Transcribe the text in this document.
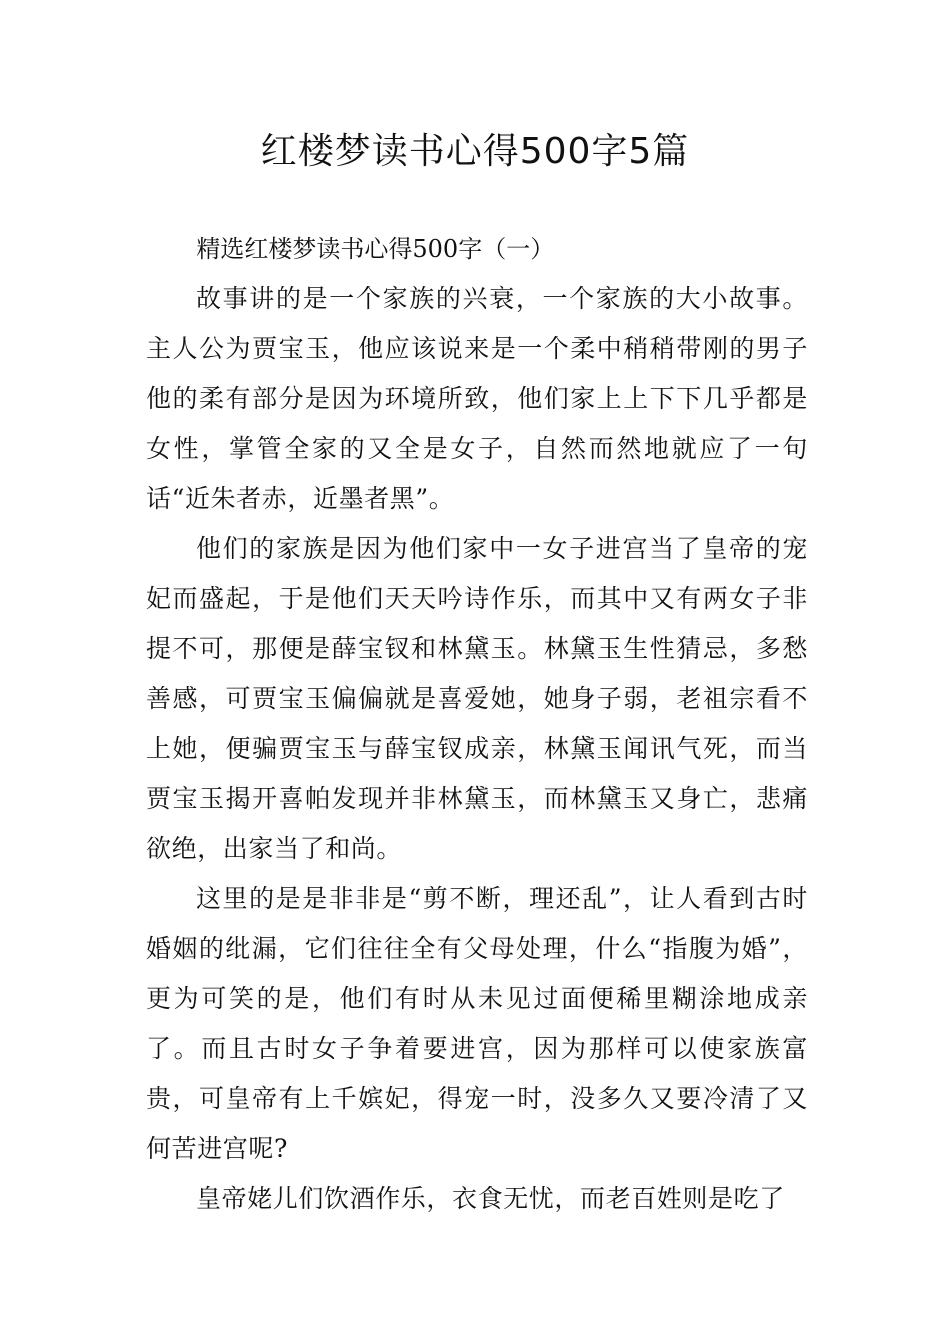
红楼梦读书心得500字5篇

精选红楼梦读书心得500字（一）

故事讲的是一个家族的兴衰，一个家族的大小故事。主人公为贾宝玉，他应该说来是一个柔中稍稍带刚的男子他的柔有部分是因为环境所致，他们家上上下下几乎都是女性，掌管全家的又全是女子，自然而然地就应了一句话“近朱者赤，近墨者黑”。

他们的家族是因为他们家中一女子进宫当了皇帝的宠妃而盛起，于是他们天天吟诗作乐，而其中又有两女子非提不可，那便是薛宝钗和林黛玉。林黛玉生性猜忌，多愁善感，可贾宝玉偏偏就是喜爱她，她身子弱，老祖宗看不上她，便骗贾宝玉与薛宝钗成亲，林黛玉闻讯气死，而当贾宝玉揭开喜帕发现并非林黛玉，而林黛玉又身亡，悲痛欲绝，出家当了和尚。

这里的是是非非是“剪不断，理还乱”，让人看到古时婚姻的纰漏，它们往往全有父母处理，什么“指腹为婚”，更为可笑的是，他们有时从未见过面便稀里糊涂地成亲了。而且古时女子争着要进宫，因为那样可以使家族富贵，可皇帝有上千嫔妃，得宠一时，没多久又要冷清了又何苦进宫呢?

皇帝姥儿们饮酒作乐，衣食无忧，而老百姓则是吃了
